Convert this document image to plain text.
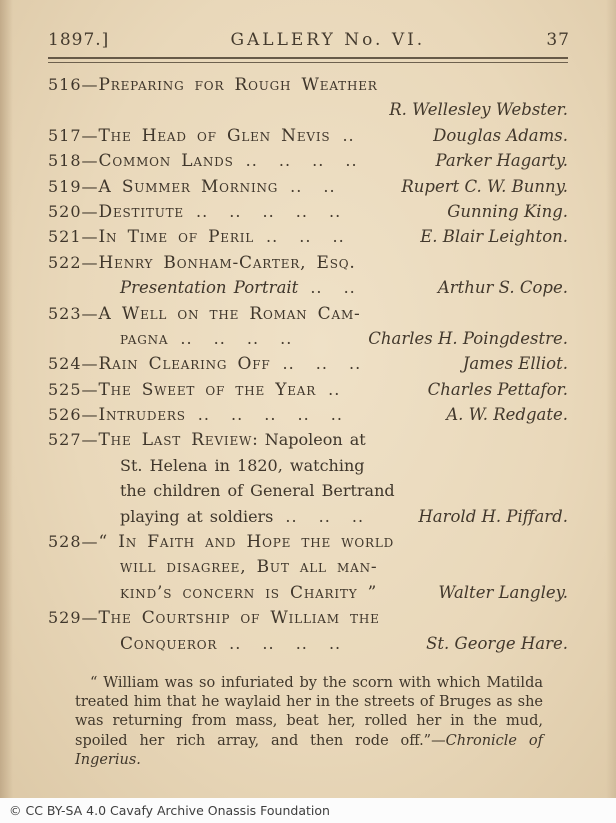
1897.]	GALLERY No. VI.	37
516—Preparing for Rough Weather
R. Wellesley Webster.
517—The Head of Glen Nevis ..	Douglas Adams.
518—Common Lands .. .. .. ..	Parker Hagarty.
519—A Summer Morning .. ..	Rupert C. W. Bunny.
520—Destitute .. .. .. .. ..	Gunning King.
521—In Time of Peril .. .. ..	E. Blair Leighton.
522—Henry Bonham-Carter, Esq.
Presentation Portrait .. ..	Arthur S. Cope.
523—A Well on the Roman Cam-
pagna .. .. .. ..	Charles H. Poingdestre.
524—Rain Clearing Off .. .. ..	James Elliot.
525—The Sweet of the Year ..	Charles Pettafor.
526—Intruders .. .. .. .. ..	A. W. Redgate.
527—The Last Review: Napoleon at
St. Helena in 1820, watching
the children of General Bertrand
playing at soldiers .. .. ..	Harold H. Piffard.
528—“ In Faith and Hope the world
will disagree, But all man-
kind’s concern is Charity ”	Walter Langley.
529—The Courtship of William the
Conqueror .. .. .. ..	St. George Hare.

“ William was so infuriated by the scorn with which Matilda treated him that he waylaid her in the streets of Bruges as she was returning from mass, beat her, rolled her in the mud, spoiled her rich array, and then rode off.”—Chronicle of Ingerius.

© CC BY-SA 4.0 Cavafy Archive Onassis Foundation
